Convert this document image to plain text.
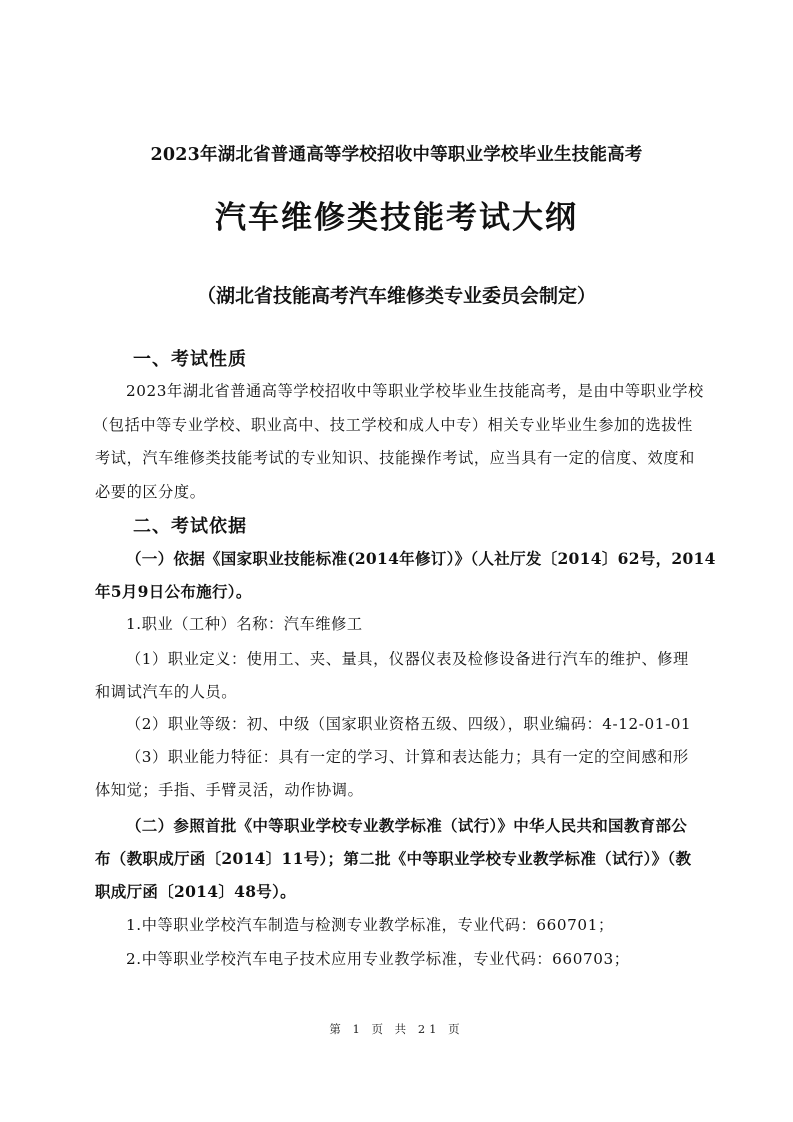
2023年湖北省普通高等学校招收中等职业学校毕业生技能高考
汽车维修类技能考试大纲
（湖北省技能高考汽车维修类专业委员会制定）
一、考试性质
2023年湖北省普通高等学校招收中等职业学校毕业生技能高考，是由中等职业学校
（包括中等专业学校、职业高中、技工学校和成人中专）相关专业毕业生参加的选拔性
考试，汽车维修类技能考试的专业知识、技能操作考试，应当具有一定的信度、效度和
必要的区分度。
二、考试依据
（一）依据《国家职业技能标准(2014年修订）》（人社厅发〔2014〕62号，2014
年5月9日公布施行）。
1.职业（工种）名称：汽车维修工
（1）职业定义：使用工、夹、量具，仪器仪表及检修设备进行汽车的维护、修理
和调试汽车的人员。
（2）职业等级：初、中级（国家职业资格五级、四级），职业编码：4-12-01-01
（3）职业能力特征：具有一定的学习、计算和表达能力；具有一定的空间感和形
体知觉；手指、手臂灵活，动作协调。
（二）参照首批《中等职业学校专业教学标准（试行）》中华人民共和国教育部公
布（教职成厅函〔2014〕11号）；第二批《中等职业学校专业教学标准（试行）》（教
职成厅函〔2014〕48号）。
1.中等职业学校汽车制造与检测专业教学标准，专业代码：660701；
2.中等职业学校汽车电子技术应用专业教学标准，专业代码：660703；
第 1 页 共 21 页
